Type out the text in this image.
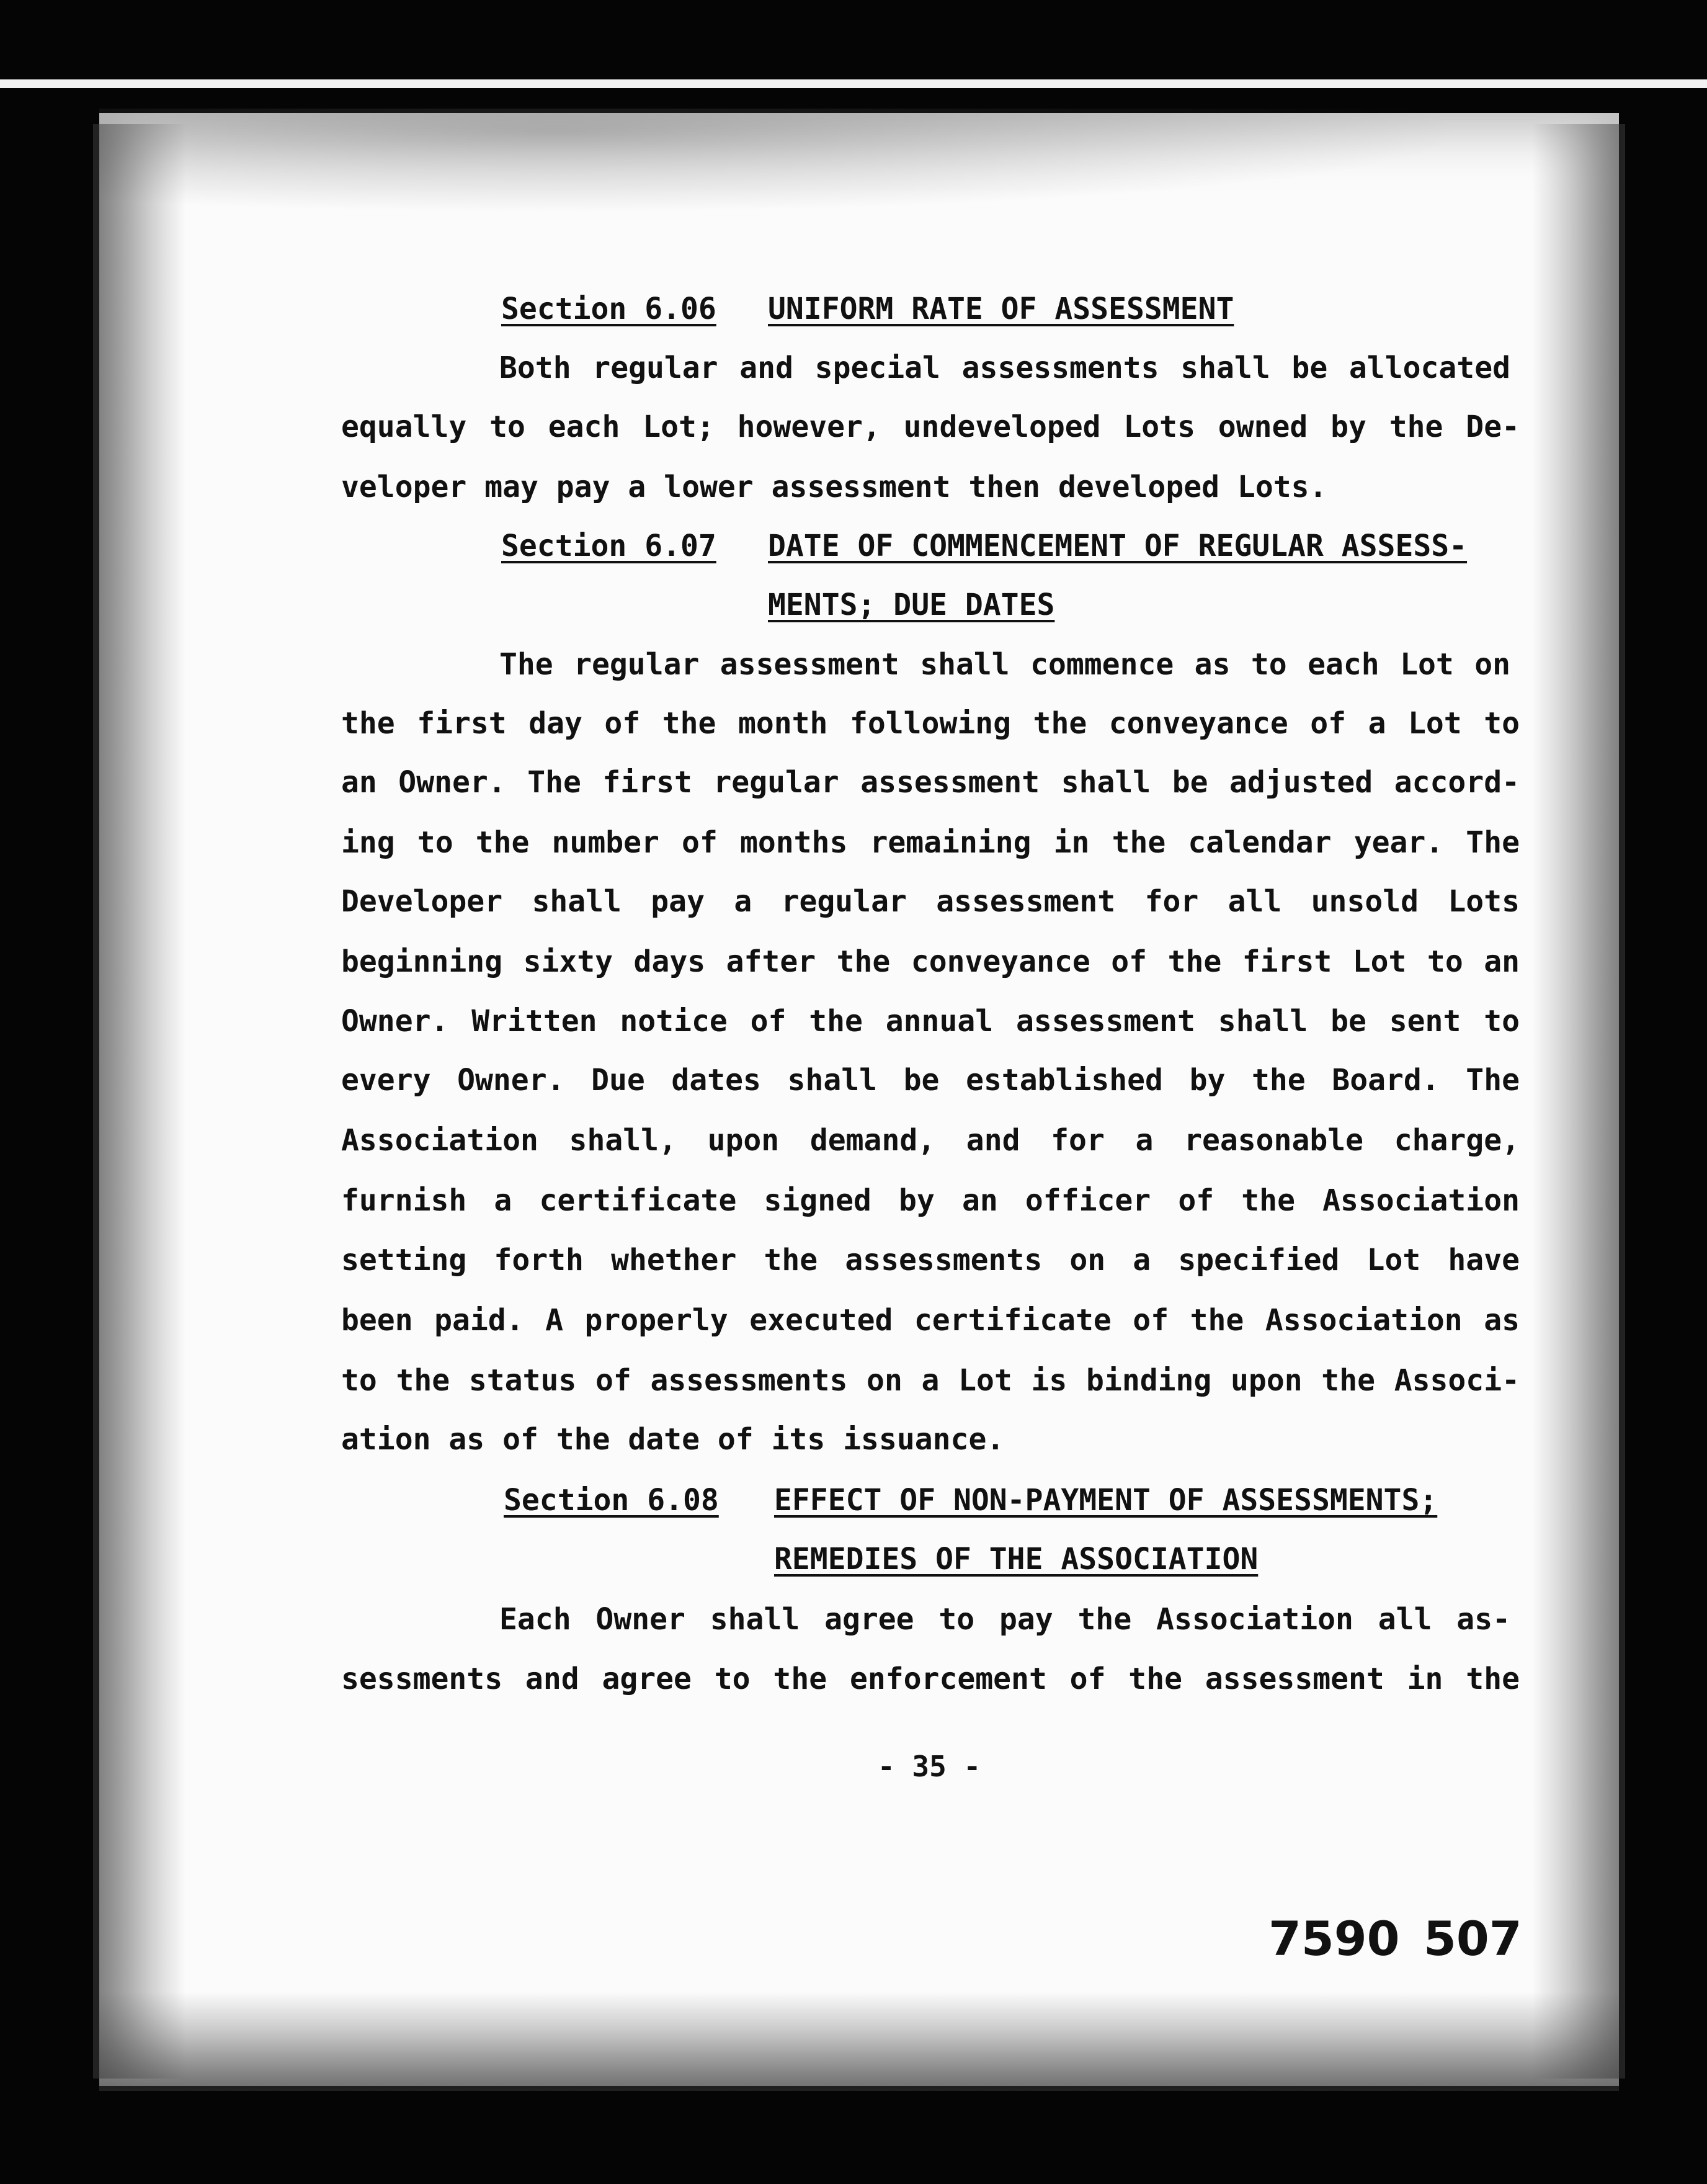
Section 6.06 UNIFORM RATE OF ASSESSMENT
Both regular and special assessments shall be allocated
equally to each Lot; however, undeveloped Lots owned by the De-
veloper may pay a lower assessment then developed Lots.
Section 6.07 DATE OF COMMENCEMENT OF REGULAR ASSESS-
MENTS; DUE DATES
The regular assessment shall commence as to each Lot on
the first day of the month following the conveyance of a Lot to
an Owner. The first regular assessment shall be adjusted accord-
ing to the number of months remaining in the calendar year. The
Developer shall pay a regular assessment for all unsold Lots
beginning sixty days after the conveyance of the first Lot to an
Owner. Written notice of the annual assessment shall be sent to
every Owner. Due dates shall be established by the Board. The
Association shall, upon demand, and for a reasonable charge,
furnish a certificate signed by an officer of the Association
setting forth whether the assessments on a specified Lot have
been paid. A properly executed certificate of the Association as
to the status of assessments on a Lot is binding upon the Associ-
ation as of the date of its issuance.
Section 6.08 EFFECT OF NON-PAYMENT OF ASSESSMENTS;
REMEDIES OF THE ASSOCIATION
Each Owner shall agree to pay the Association all as-
sessments and agree to the enforcement of the assessment in the
- 35 -
7590 507
